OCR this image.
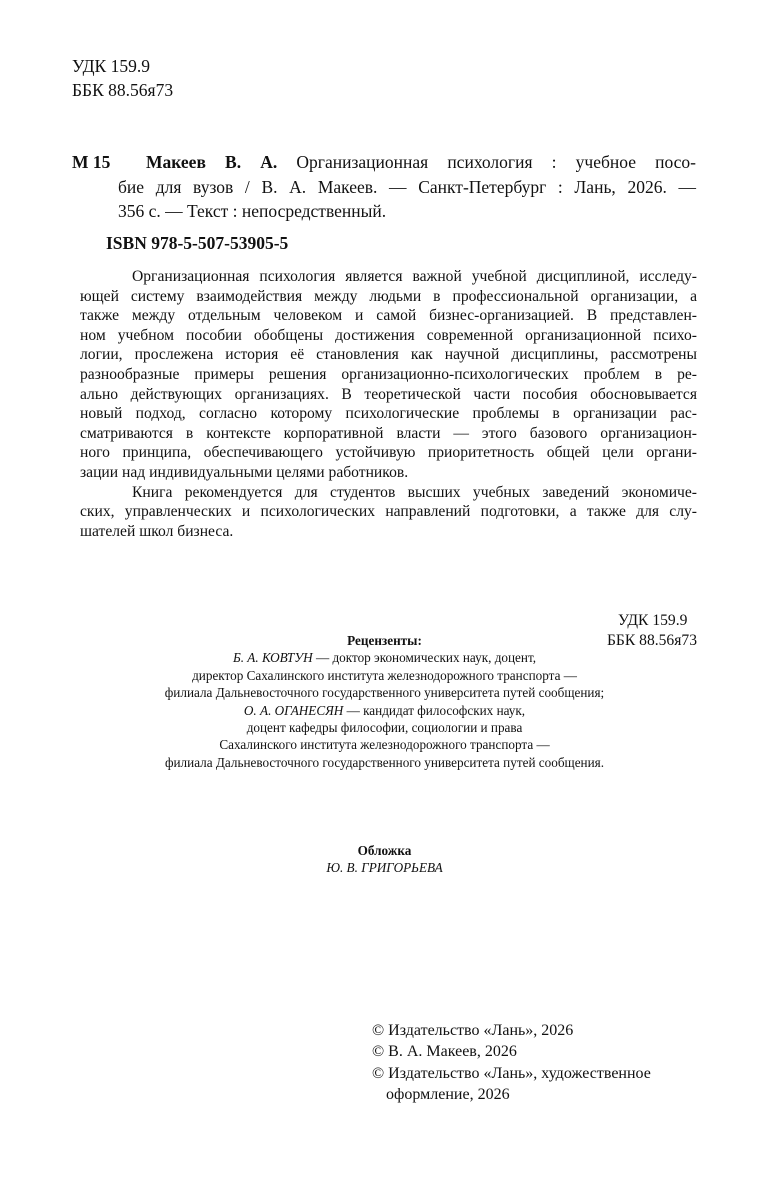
УДК 159.9
ББК 88.56я73
М 15 Макеев В. А. Организационная психология : учебное посо-
бие для вузов / В. А. Макеев. — Санкт-Петербург : Лань, 2026. —
356 с. — Текст : непосредственный.
ISBN 978-5-507-53905-5
Организационная психология является важной учебной дисциплиной, исследу-
ющей систему взаимодействия между людьми в профессиональной организации, а
также между отдельным человеком и самой бизнес-организацией. В представлен-
ном учебном пособии обобщены достижения современной организационной психо-
логии, прослежена история её становления как научной дисциплины, рассмотрены
разнообразные примеры решения организационно-психологических проблем в ре-
ально действующих организациях. В теоретической части пособия обосновывается
новый подход, согласно которому психологические проблемы в организации рас-
сматриваются в контексте корпоративной власти — этого базового организацион-
ного принципа, обеспечивающего устойчивую приоритетность общей цели органи-
зации над индивидуальными целями работников.
Книга рекомендуется для студентов высших учебных заведений экономиче-
ских, управленческих и психологических направлений подготовки, а также для слу-
шателей школ бизнеса.
УДК 159.9
ББК 88.56я73
Рецензенты:
Б. А. КОВТУН — доктор экономических наук, доцент,
директор Сахалинского института железнодорожного транспорта —
филиала Дальневосточного государственного университета путей сообщения;
О. А. ОГАНЕСЯН — кандидат философских наук,
доцент кафедры философии, социологии и права
Сахалинского института железнодорожного транспорта —
филиала Дальневосточного государственного университета путей сообщения.
Обложка
Ю. В. ГРИГОРЬЕВА
© Издательство «Лань», 2026
© В. А. Макеев, 2026
© Издательство «Лань», художественное
оформление, 2026
